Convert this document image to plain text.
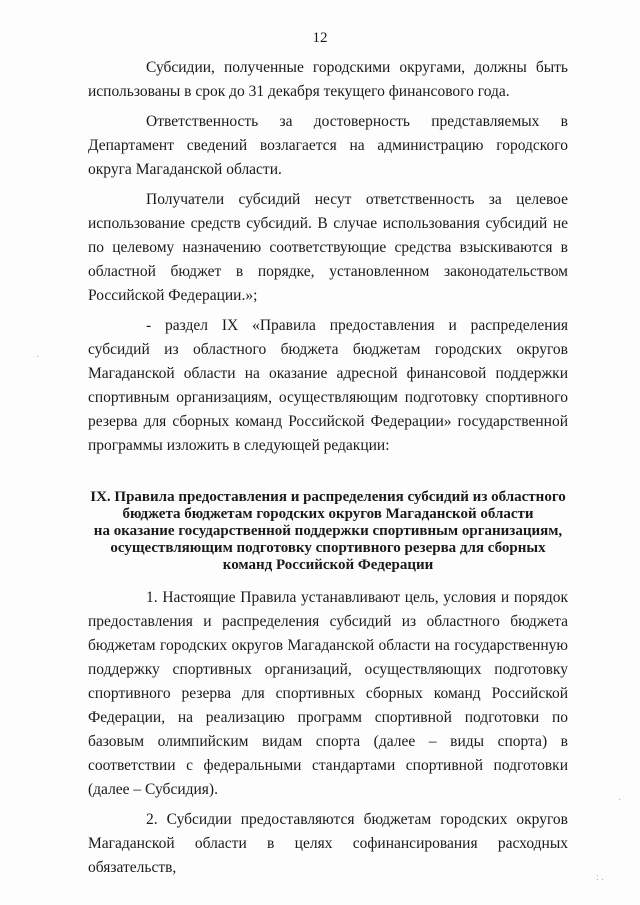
12

Субсидии, полученные городскими округами, должны быть использованы в срок до 31 декабря текущего финансового года.

Ответственность за достоверность представляемых в Департамент сведений возлагается на администрацию городского округа Магаданской области.

Получатели субсидий несут ответственность за целевое использование средств субсидий. В случае использования субсидий не по целевому назначению соответствующие средства взыскиваются в областной бюджет в порядке, установленном законодательством Российской Федерации.»;

- раздел IX «Правила предоставления и распределения субсидий из областного бюджета бюджетам городских округов Магаданской области на оказание адресной финансовой поддержки спортивным организациям, осуществляющим подготовку спортивного резерва для сборных команд Российской Федерации» государственной программы изложить в следующей редакции:

IX. Правила предоставления и распределения субсидий из областного
бюджета бюджетам городских округов Магаданской области
на оказание государственной поддержки спортивным организациям,
осуществляющим подготовку спортивного резерва для сборных
команд Российской Федерации

1. Настоящие Правила устанавливают цель, условия и порядок предоставления и распределения субсидий из областного бюджета бюджетам городских округов Магаданской области на государственную поддержку спортивных организаций, осуществляющих подготовку спортивного резерва для спортивных сборных команд Российской Федерации, на реализацию программ спортивной подготовки по базовым олимпийским видам спорта (далее – виды спорта) в соответствии с федеральными стандартами спортивной подготовки (далее – Субсидия).

2. Субсидии предоставляются бюджетам городских округов Магаданской области в целях софинансирования расходных обязательств,

·
·
: .
